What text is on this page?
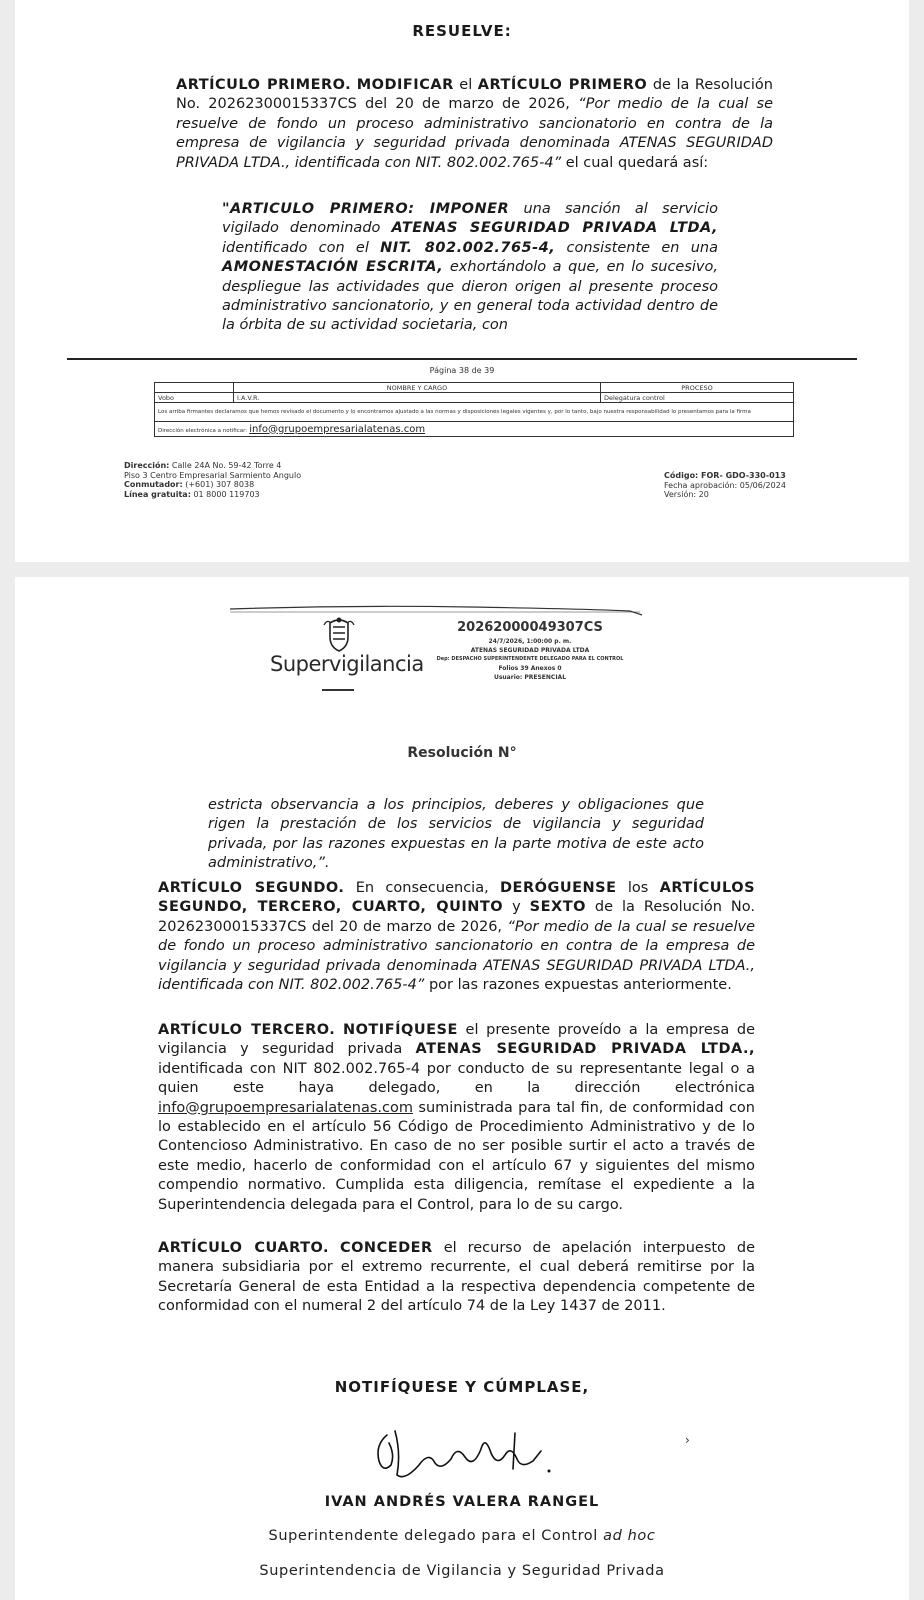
RESUELVE:
ARTÍCULO PRIMERO. MODIFICAR el ARTÍCULO PRIMERO de la Resolución No. 20262300015337CS del 20 de marzo de 2026, “Por medio de la cual se resuelve de fondo un proceso administrativo sancionatorio en contra de la empresa de vigilancia y seguridad privada denominada ATENAS SEGURIDAD PRIVADA LTDA., identificada con NIT. 802.002.765-4” el cual quedará así:
"ARTICULO PRIMERO: IMPONER una sanción al servicio vigilado denominado ATENAS SEGURIDAD PRIVADA LTDA, identificado con el NIT. 802.002.765-4, consistente en una AMONESTACIÓN ESCRITA, exhortándolo a que, en lo sucesivo, despliegue las actividades que dieron origen al presente proceso administrativo sancionatorio, y en general toda actividad dentro de la órbita de su actividad societaria, con
Página 38 de 39
	NOMBRE Y CARGO	PROCESO
Vobo	I.A.V.R.	Delegatura control
Los arriba firmantes declaramos que hemos revisado el documento y lo encontramos ajustado a las normas y disposiciones legales vigentes y, por lo tanto, bajo nuestra responsabilidad lo presentamos para la firma		
Dirección electrónica a notificar: info@grupoempresarialatenas.com		
Dirección: Calle 24A No. 59-42 Torre 4
Piso 3 Centro Empresarial Sarmiento Angulo
Conmutador: (+601) 307 8038
Línea gratuita: 01 8000 119703
Código: FOR- GDO-330-013
Fecha aprobación: 05/06/2024
Versión: 20
Supervigilancia
20262000049307CS
24/7/2026, 1:00:00 p. m.
ATENAS SEGURIDAD PRIVADA LTDA
Dep: DESPACHO SUPERINTENDENTE DELEGADO PARA EL CONTROL
Folios 39 Anexos 0
Usuario: PRESENCIAL
Resolución N°
estricta observancia a los principios, deberes y obligaciones que rigen la prestación de los servicios de vigilancia y seguridad privada, por las razones expuestas en la parte motiva de este acto administrativo,”.
ARTÍCULO SEGUNDO. En consecuencia, DERÓGUENSE los ARTÍCULOS SEGUNDO, TERCERO, CUARTO, QUINTO y SEXTO de la Resolución No. 20262300015337CS del 20 de marzo de 2026, “Por medio de la cual se resuelve de fondo un proceso administrativo sancionatorio en contra de la empresa de vigilancia y seguridad privada denominada ATENAS SEGURIDAD PRIVADA LTDA., identificada con NIT. 802.002.765-4” por las razones expuestas anteriormente.
ARTÍCULO TERCERO. NOTIFÍQUESE el presente proveído a la empresa de vigilancia y seguridad privada ATENAS SEGURIDAD PRIVADA LTDA., identificada con NIT 802.002.765-4 por conducto de su representante legal o a quien este haya delegado, en la dirección electrónica info@grupoempresarialatenas.com suministrada para tal fin, de conformidad con lo establecido en el artículo 56 Código de Procedimiento Administrativo y de lo Contencioso Administrativo. En caso de no ser posible surtir el acto a través de este medio, hacerlo de conformidad con el artículo 67 y siguientes del mismo compendio normativo. Cumplida esta diligencia, remítase el expediente a la Superintendencia delegada para el Control, para lo de su cargo.
ARTÍCULO CUARTO. CONCEDER el recurso de apelación interpuesto de manera subsidiaria por el extremo recurrente, el cual deberá remitirse por la Secretaría General de esta Entidad a la respectiva dependencia competente de conformidad con el numeral 2 del artículo 74 de la Ley 1437 de 2011.
NOTIFÍQUESE Y CÚMPLASE,
IVAN ANDRÉS VALERA RANGEL
Superintendente delegado para el Control ad hoc
Superintendencia de Vigilancia y Seguridad Privada
›
